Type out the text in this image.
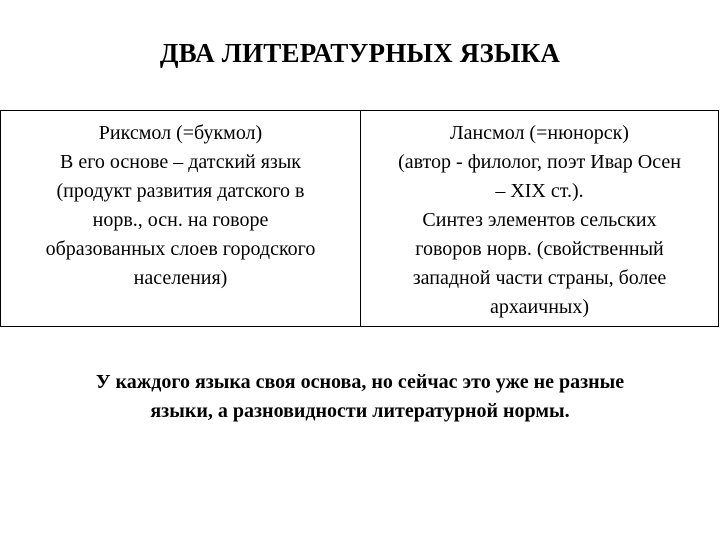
ДВА ЛИТЕРАТУРНЫХ ЯЗЫКА
Риксмол (=букмол)
В его основе – датский язык
(продукт развития датского в
норв., осн. на говоре
образованных слоев городского
населения)
Лансмол (=нюнорск)
(автор - филолог, поэт Ивар Осен
– XIX ст.).
Синтез элементов сельских
говоров норв. (свойственный
западной части страны, более
архаичных)
У каждого языка своя основа, но сейчас это уже не разные
языки, а разновидности литературной нормы.
